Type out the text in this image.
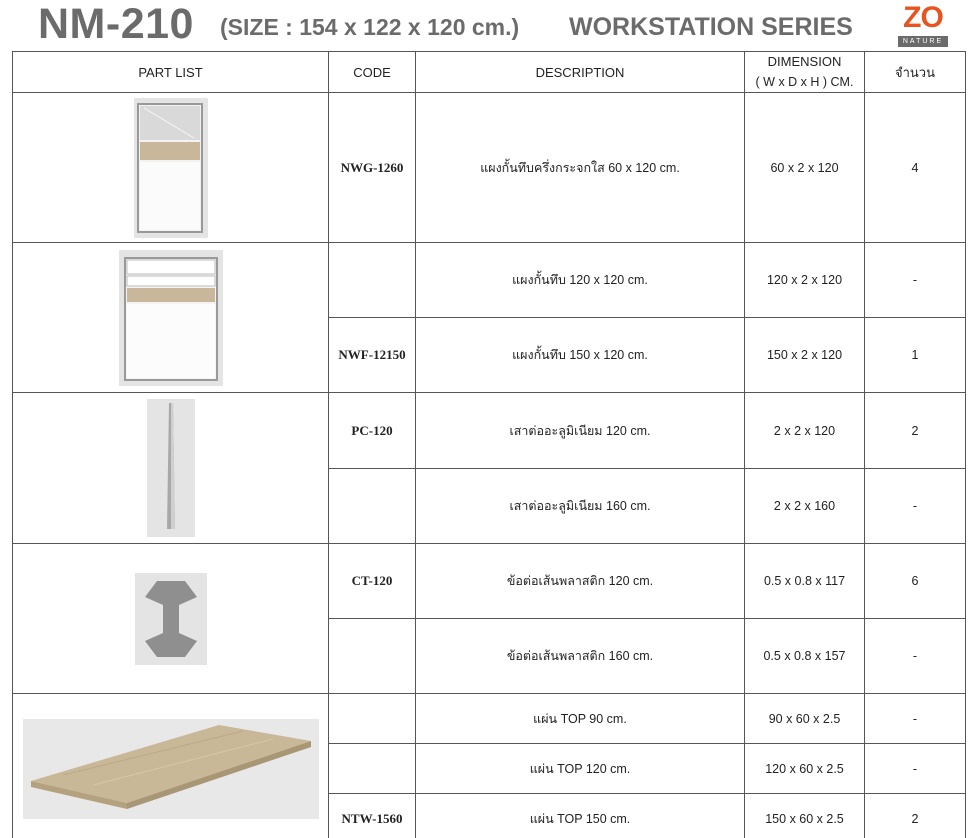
NM-210 (SIZE : 154 x 122 x 120 cm.) WORKSTATION SERIES ZO
NATURE
PART LIST	CODE	DESCRIPTION	DIMENSION	จำนวน
			( W x D x H ) CM.	

	NWG-1260	แผงกั้นทึบครึ่งกระจกใส 60 x 120 cm.	60 x 2 x 120	4

		แผงกั้นทึบ 120 x 120 cm.	120 x 2 x 120	-
	NWF-12150	แผงกั้นทึบ 150 x 120 cm.	150 x 2 x 120	1

	PC-120	เสาต่ออะลูมิเนียม 120 cm.	2 x 2 x 120	2
		เสาต่ออะลูมิเนียม 160 cm.	2 x 2 x 160	-

	CT-120	ข้อต่อเส้นพลาสติก 120 cm.	0.5 x 0.8 x 117	6
		ข้อต่อเส้นพลาสติก 160 cm.	0.5 x 0.8 x 157	-

		แผ่น TOP 90 cm.	90 x 60 x 2.5	-
		แผ่น TOP 120 cm.	120 x 60 x 2.5	-
	NTW-1560	แผ่น TOP 150 cm.	150 x 60 x 2.5	2
